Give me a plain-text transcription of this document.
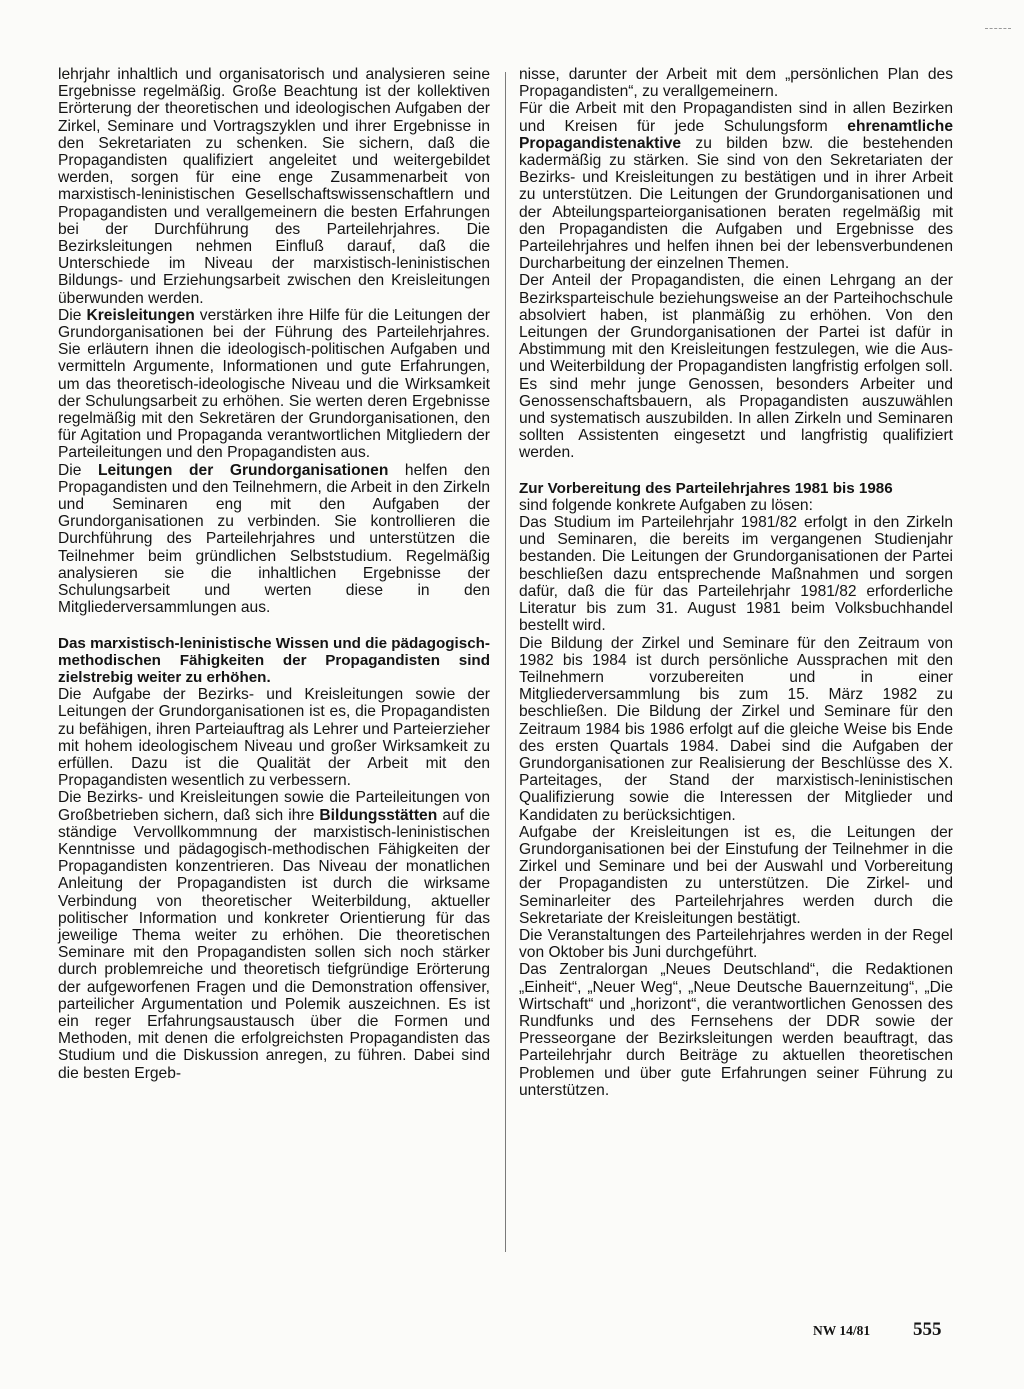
lehrjahr inhaltlich und organisatorisch und analysieren seine Ergebnisse regelmäßig. Große Beachtung ist der kollektiven Erörterung der theoretischen und ideologischen Aufgaben der Zirkel, Seminare und Vortragszyklen und ihrer Ergebnisse in den Sekretariaten zu schenken. Sie sichern, daß die Propagandisten qualifiziert angeleitet und weitergebildet werden, sorgen für eine enge Zusammenarbeit von marxistisch-leninistischen Gesellschaftswissenschaftlern und Propagandisten und verallgemeinern die besten Erfahrungen bei der Durchführung des Parteilehrjahres. Die Bezirksleitungen nehmen Einfluß darauf, daß die Unterschiede im Niveau der marxistisch-leninistischen Bildungs- und Erziehungsarbeit zwischen den Kreisleitungen überwunden werden.

Die Kreisleitungen verstärken ihre Hilfe für die Leitungen der Grundorganisationen bei der Führung des Parteilehrjahres. Sie erläutern ihnen die ideologisch-politischen Aufgaben und vermitteln Argumente, Informationen und gute Erfahrungen, um das theoretisch-ideologische Niveau und die Wirksamkeit der Schulungsarbeit zu erhöhen. Sie werten deren Ergebnisse regelmäßig mit den Sekretären der Grundorganisationen, den für Agitation und Propaganda verantwortlichen Mitgliedern der Parteileitungen und den Propagandisten aus.

Die Leitungen der Grundorganisationen helfen den Propagandisten und den Teilnehmern, die Arbeit in den Zirkeln und Seminaren eng mit den Aufgaben der Grundorganisationen zu verbinden. Sie kontrollieren die Durchführung des Parteilehrjahres und unterstützen die Teilnehmer beim gründlichen Selbststudium. Regelmäßig analysieren sie die inhaltlichen Ergebnisse der Schulungsarbeit und werten diese in den Mitgliederversammlungen aus.

Das marxistisch-leninistische Wissen und die pädagogisch-methodischen Fähigkeiten der Propagandisten sind zielstrebig weiter zu erhöhen.

Die Aufgabe der Bezirks- und Kreisleitungen sowie der Leitungen der Grundorganisationen ist es, die Propagandisten zu befähigen, ihren Parteiauftrag als Lehrer und Parteierzieher mit hohem ideologischem Niveau und großer Wirksamkeit zu erfüllen. Dazu ist die Qualität der Arbeit mit den Propagandisten wesentlich zu verbessern.

Die Bezirks- und Kreisleitungen sowie die Parteileitungen von Großbetrieben sichern, daß sich ihre Bildungsstätten auf die ständige Vervollkommnung der marxistisch-leninistischen Kenntnisse und pädagogisch-methodischen Fähigkeiten der Propagandisten konzentrieren. Das Niveau der monatlichen Anleitung der Propagandisten ist durch die wirksame Verbindung von theoretischer Weiterbildung, aktueller politischer Information und konkreter Orientierung für das jeweilige Thema weiter zu erhöhen. Die theoretischen Seminare mit den Propagandisten sollen sich noch stärker durch problemreiche und theoretisch tiefgründige Erörterung der aufgeworfenen Fragen und die Demonstration offensiver, parteilicher Argumentation und Polemik auszeichnen. Es ist ein reger Erfahrungsaustausch über die Formen und Methoden, mit denen die erfolgreichsten Propagandisten das Studium und die Diskussion anregen, zu führen. Dabei sind die besten Ergeb-

nisse, darunter der Arbeit mit dem „persönlichen Plan des Propagandisten“, zu verallgemeinern.

Für die Arbeit mit den Propagandisten sind in allen Bezirken und Kreisen für jede Schulungsform ehrenamtliche Propagandistenaktive zu bilden bzw. die bestehenden kadermäßig zu stärken. Sie sind von den Sekretariaten der Bezirks- und Kreisleitungen zu bestätigen und in ihrer Arbeit zu unterstützen. Die Leitungen der Grundorganisationen und der Abteilungsparteiorganisationen beraten regelmäßig mit den Propagandisten die Aufgaben und Ergebnisse des Parteilehrjahres und helfen ihnen bei der lebensverbundenen Durcharbeitung der einzelnen Themen.

Der Anteil der Propagandisten, die einen Lehrgang an der Bezirksparteischule beziehungsweise an der Parteihochschule absolviert haben, ist planmäßig zu erhöhen. Von den Leitungen der Grundorganisationen der Partei ist dafür in Abstimmung mit den Kreisleitungen festzulegen, wie die Aus- und Weiterbildung der Propagandisten langfristig erfolgen soll. Es sind mehr junge Genossen, besonders Arbeiter und Genossenschaftsbauern, als Propagandisten auszuwählen und systematisch auszubilden. In allen Zirkeln und Seminaren sollten Assistenten eingesetzt und langfristig qualifiziert werden.

Zur Vorbereitung des Parteilehrjahres 1981 bis 1986
sind folgende konkrete Aufgaben zu lösen:

Das Studium im Parteilehrjahr 1981/82 erfolgt in den Zirkeln und Seminaren, die bereits im vergangenen Studienjahr bestanden. Die Leitungen der Grundorganisationen der Partei beschließen dazu entsprechende Maßnahmen und sorgen dafür, daß die für das Parteilehrjahr 1981/82 erforderliche Literatur bis zum 31. August 1981 beim Volksbuchhandel bestellt wird.

Die Bildung der Zirkel und Seminare für den Zeitraum von 1982 bis 1984 ist durch persönliche Aussprachen mit den Teilnehmern vorzubereiten und in einer Mitgliederversammlung bis zum 15. März 1982 zu beschließen. Die Bildung der Zirkel und Seminare für den Zeitraum 1984 bis 1986 erfolgt auf die gleiche Weise bis Ende des ersten Quartals 1984. Dabei sind die Aufgaben der Grundorganisationen zur Realisierung der Beschlüsse des X. Parteitages, der Stand der marxistisch-leninistischen Qualifizierung sowie die Interessen der Mitglieder und Kandidaten zu berücksichtigen.

Aufgabe der Kreisleitungen ist es, die Leitungen der Grundorganisationen bei der Einstufung der Teilnehmer in die Zirkel und Seminare und bei der Auswahl und Vorbereitung der Propagandisten zu unterstützen. Die Zirkel- und Seminarleiter des Parteilehrjahres werden durch die Sekretariate der Kreisleitungen bestätigt.

Die Veranstaltungen des Parteilehrjahres werden in der Regel von Oktober bis Juni durchgeführt.

Das Zentralorgan „Neues Deutschland“, die Redaktionen „Einheit“, „Neuer Weg“, „Neue Deutsche Bauernzeitung“, „Die Wirtschaft“ und „horizont“, die verantwortlichen Genossen des Rundfunks und des Fernsehens der DDR sowie der Presseorgane der Bezirksleitungen werden beauftragt, das Parteilehrjahr durch Beiträge zu aktuellen theoretischen Problemen und über gute Erfahrungen seiner Führung zu unterstützen.

NW 14/81 555
